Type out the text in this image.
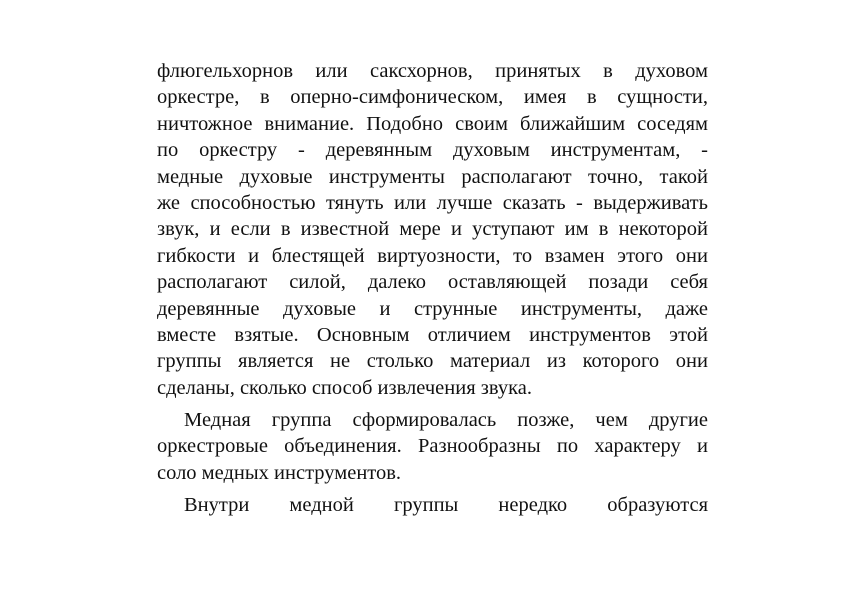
флюгельхорнов или саксхорнов, принятых в духовом
оркестре, в оперно-симфоническом, имея в сущности,
ничтожное внимание. Подобно своим ближайшим соседям
по оркестру - деревянным духовым инструментам, -
медные духовые инструменты располагают точно, такой
же способностью тянуть или лучше сказать - выдерживать
звук, и если в известной мере и уступают им в некоторой
гибкости и блестящей виртуозности, то взамен этого они
располагают силой, далеко оставляющей позади себя
деревянные духовые и струнные инструменты, даже
вместе взятые. Основным отличием инструментов этой
группы является не столько материал из которого они
сделаны, сколько способ извлечения звука.
Медная группа сформировалась позже, чем другие
оркестровые объединения. Разнообразны по характеру и
соло медных инструментов.
Внутри медной группы нередко образуются
